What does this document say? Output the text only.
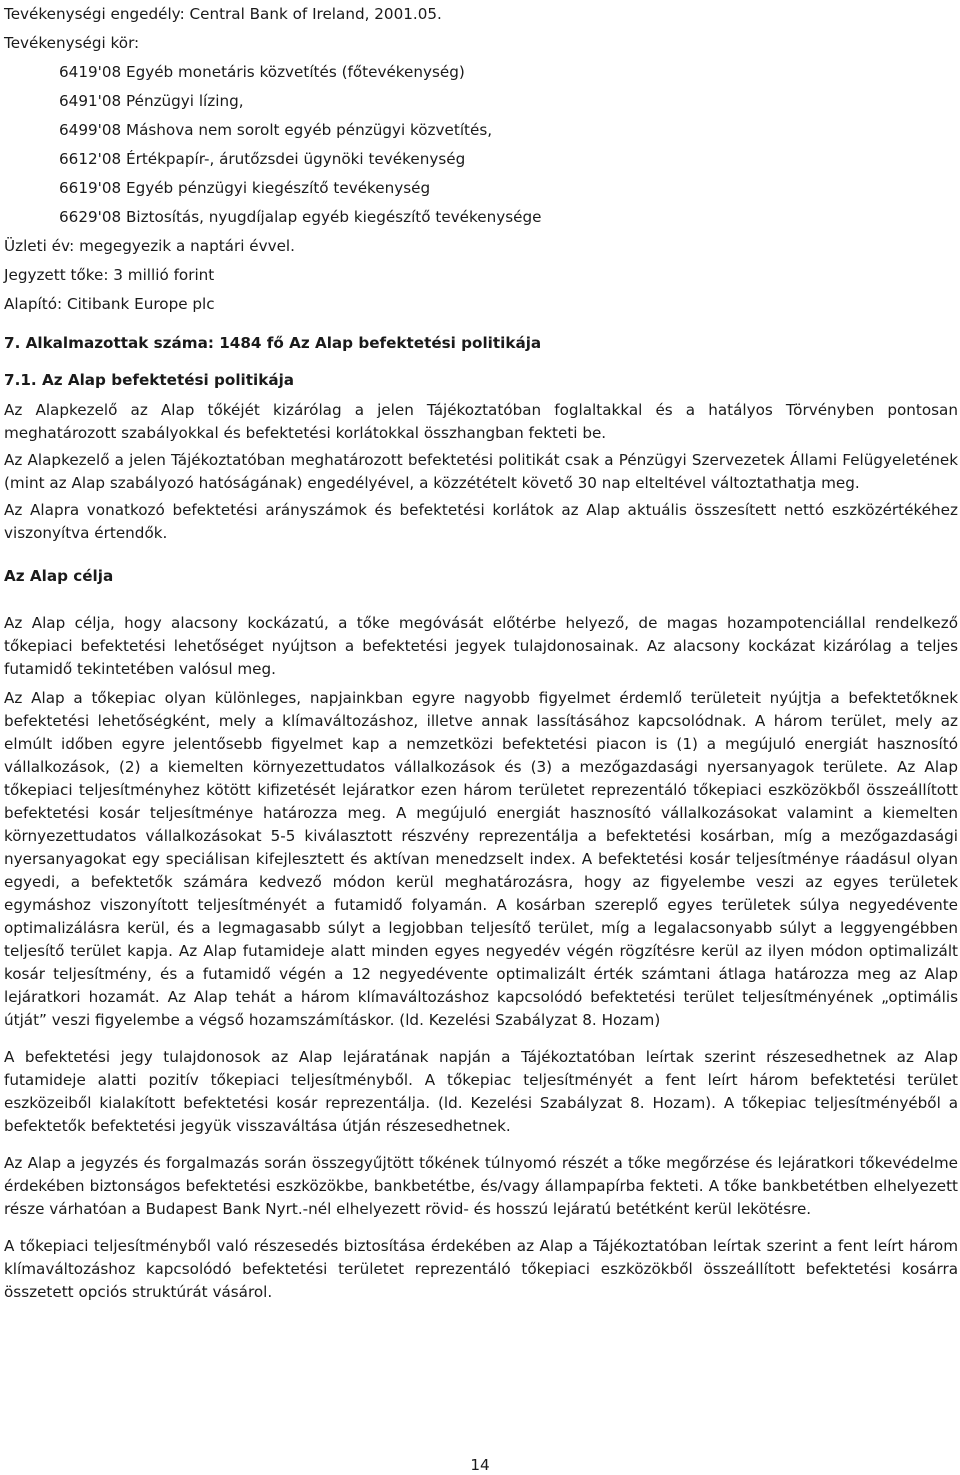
Tevékenységi engedély: Central Bank of Ireland, 2001.05.
Tevékenységi kör:
6419'08 Egyéb monetáris közvetítés (főtevékenység)
6491'08 Pénzügyi lízing,
6499'08 Máshova nem sorolt egyéb pénzügyi közvetítés,
6612'08 Értékpapír-, árutőzsdei ügynöki tevékenység
6619'08 Egyéb pénzügyi kiegészítő tevékenység
6629'08 Biztosítás, nyugdíjalap egyéb kiegészítő tevékenysége
Üzleti év: megegyezik a naptári évvel.
Jegyzett tőke: 3 millió forint
Alapító: Citibank Europe plc
7. Alkalmazottak száma: 1484 fő Az Alap befektetési politikája
7.1. Az Alap befektetési politikája

Az Alapkezelő az Alap tőkéjét kizárólag a jelen Tájékoztatóban foglaltakkal és a hatályos Törvényben pontosan meghatározott szabályokkal és befektetési korlátokkal összhangban fekteti be.

Az Alapkezelő a jelen Tájékoztatóban meghatározott befektetési politikát csak a Pénzügyi Szervezetek Állami Felügyeletének (mint az Alap szabályozó hatóságának) engedélyével, a közzétételt követő 30 nap elteltével változtathatja meg.

Az Alapra vonatkozó befektetési arányszámok és befektetési korlátok az Alap aktuális összesített nettó eszközértékéhez viszonyítva értendők.

Az Alap célja

Az Alap célja, hogy alacsony kockázatú, a tőke megóvását előtérbe helyező, de magas hozampotenciállal rendelkező tőkepiaci befektetési lehetőséget nyújtson a befektetési jegyek tulajdonosainak. Az alacsony kockázat kizárólag a teljes futamidő tekintetében valósul meg.

Az Alap a tőkepiac olyan különleges, napjainkban egyre nagyobb figyelmet érdemlő területeit nyújtja a befektetőknek befektetési lehetőségként, mely a klímaváltozáshoz, illetve annak lassításához kapcsolódnak. A három terület, mely az elmúlt időben egyre jelentősebb figyelmet kap a nemzetközi befektetési piacon is (1) a megújuló energiát hasznosító vállalkozások, (2) a kiemelten környezettudatos vállalkozások és (3) a mezőgazdasági nyersanyagok területe. Az Alap tőkepiaci teljesítményhez kötött kifizetését lejáratkor ezen három területet reprezentáló tőkepiaci eszközökből összeállított befektetési kosár teljesítménye határozza meg. A megújuló energiát hasznosító vállalkozásokat valamint a kiemelten környezettudatos vállalkozásokat 5-5 kiválasztott részvény reprezentálja a befektetési kosárban, míg a mezőgazdasági nyersanyagokat egy speciálisan kifejlesztett és aktívan menedzselt index. A befektetési kosár teljesítménye ráadásul olyan egyedi, a befektetők számára kedvező módon kerül meghatározásra, hogy az figyelembe veszi az egyes területek egymáshoz viszonyított teljesítményét a futamidő folyamán. A kosárban szereplő egyes területek súlya negyedévente optimalizálásra kerül, és a legmagasabb súlyt a legjobban teljesítő terület, míg a legalacsonyabb súlyt a leggyengébben teljesítő terület kapja. Az Alap futamideje alatt minden egyes negyedév végén rögzítésre kerül az ilyen módon optimalizált kosár teljesítmény, és a futamidő végén a 12 negyedévente optimalizált érték számtani átlaga határozza meg az Alap lejáratkori hozamát. Az Alap tehát a három klímaváltozáshoz kapcsolódó befektetési terület teljesítményének „optimális útját” veszi figyelembe a végső hozamszámításkor. (ld. Kezelési Szabályzat 8. Hozam)

A befektetési jegy tulajdonosok az Alap lejáratának napján a Tájékoztatóban leírtak szerint részesedhetnek az Alap futamideje alatti pozitív tőkepiaci teljesítményből. A tőkepiac teljesítményét a fent leírt három befektetési terület eszközeiből kialakított befektetési kosár reprezentálja. (ld. Kezelési Szabályzat 8. Hozam). A tőkepiac teljesítményéből a befektetők befektetési jegyük visszaváltása útján részesedhetnek.

Az Alap a jegyzés és forgalmazás során összegyűjtött tőkének túlnyomó részét a tőke megőrzése és lejáratkori tőkevédelme érdekében biztonságos befektetési eszközökbe, bankbetétbe, és/vagy állampapírba fekteti. A tőke bankbetétben elhelyezett része várhatóan a Budapest Bank Nyrt.-nél elhelyezett rövid- és hosszú lejáratú betétként kerül lekötésre.

A tőkepiaci teljesítményből való részesedés biztosítása érdekében az Alap a Tájékoztatóban leírtak szerint a fent leírt három klímaváltozáshoz kapcsolódó befektetési területet reprezentáló tőkepiaci eszközökből összeállított befektetési kosárra összetett opciós struktúrát vásárol.

14
